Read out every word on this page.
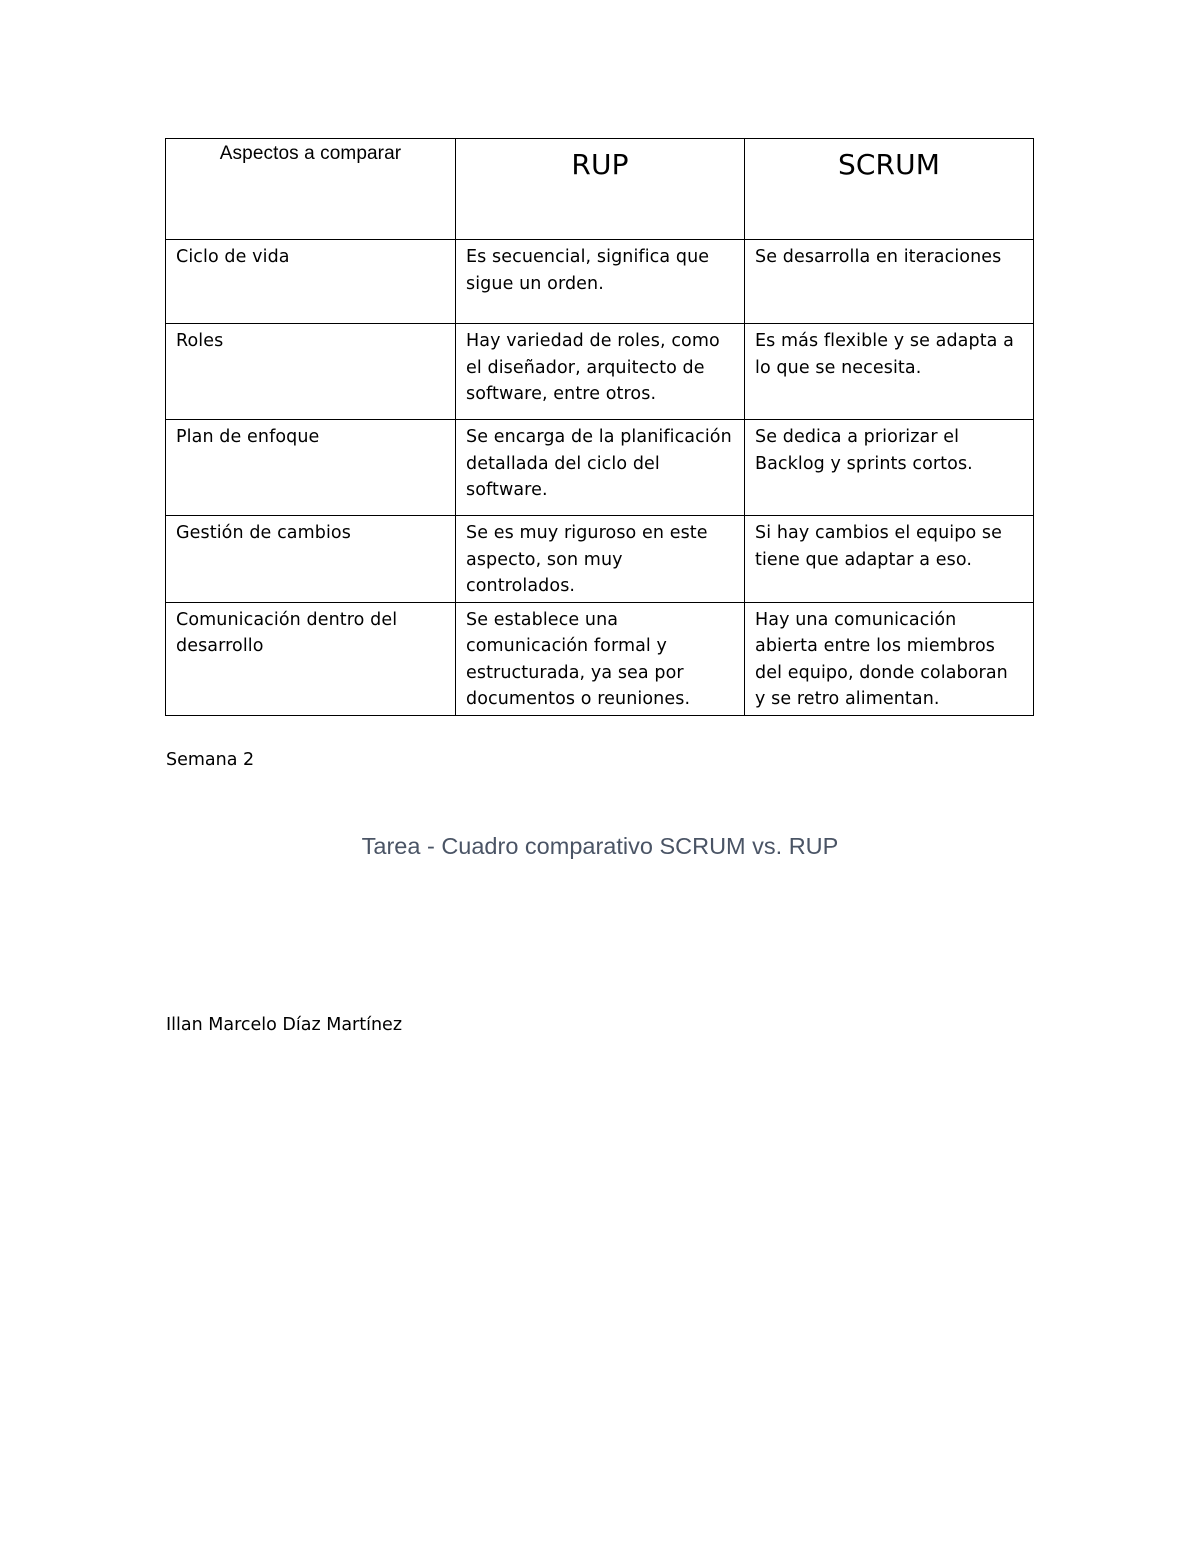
Aspectos a comparar	RUP	SCRUM
Ciclo de vida	Es secuencial, significa que sigue un orden.	Se desarrolla en iteraciones
Roles	Hay variedad de roles, como el diseñador, arquitecto de software, entre otros.	Es más flexible y se adapta a lo que se necesita.
Plan de enfoque	Se encarga de la planificación detallada del ciclo del software.	Se dedica a priorizar el Backlog y sprints cortos.
Gestión de cambios	Se es muy riguroso en este aspecto, son muy controlados.	Si hay cambios el equipo se tiene que adaptar a eso.
Comunicación dentro del desarrollo	Se establece una comunicación formal y estructurada, ya sea por documentos o reuniones.	Hay una comunicación abierta entre los miembros del equipo, donde colaboran y se retro alimentan.
Semana 2
Tarea - Cuadro comparativo SCRUM vs. RUP
Illan Marcelo Díaz Martínez
